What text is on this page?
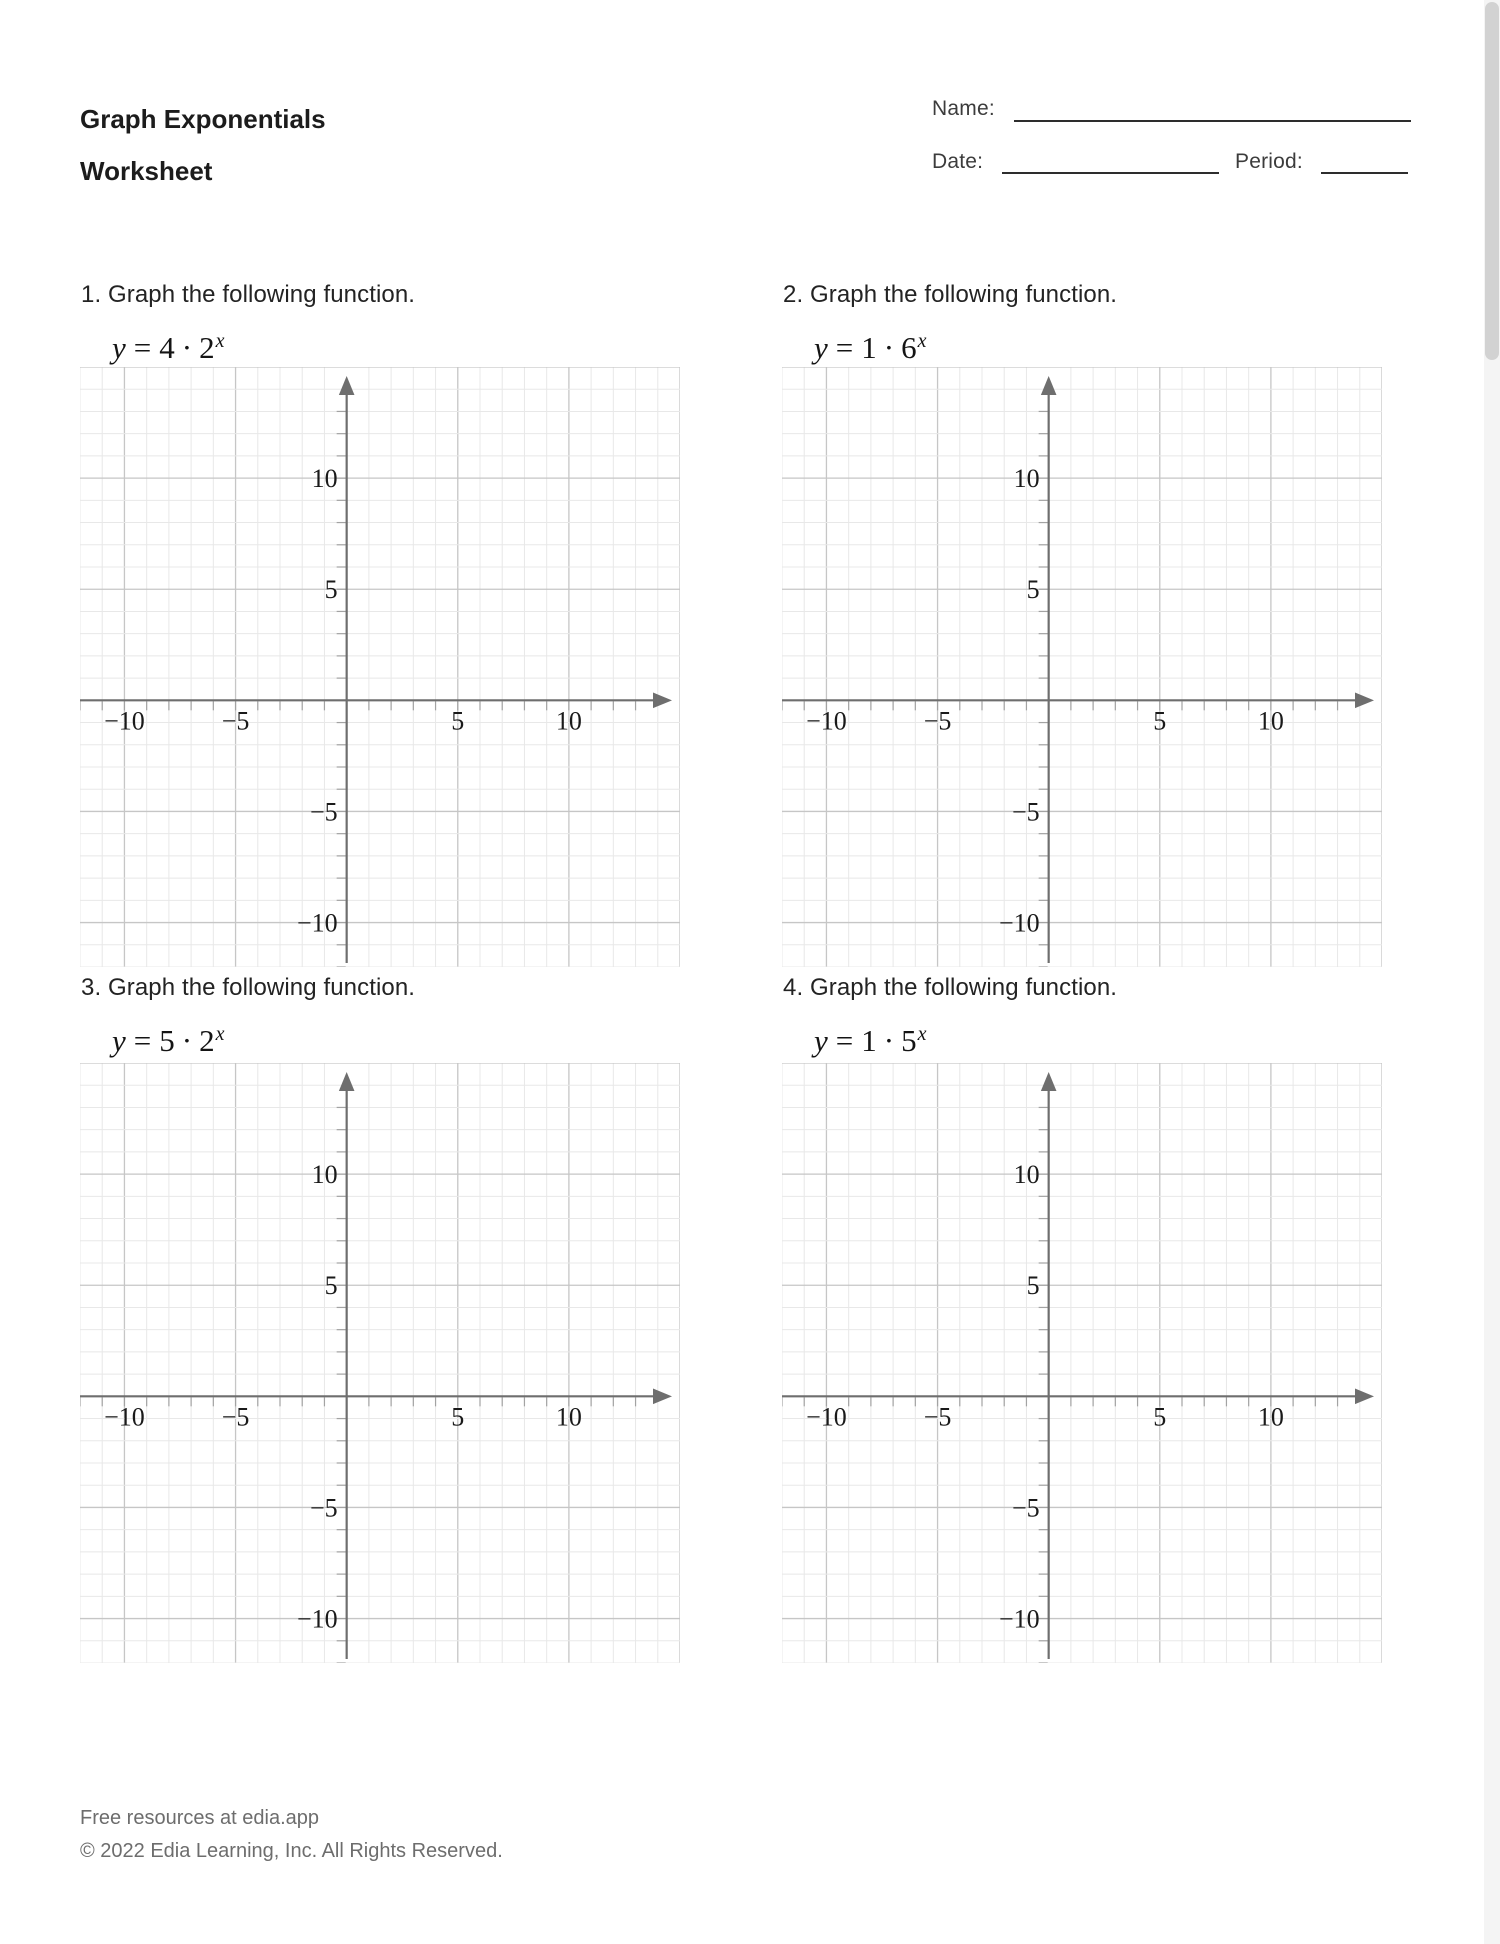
Graph Exponentials
Worksheet
Name:
Date:	Period:
1. Graph the following function.
$y = 4 \cdot 2^x$
−10	−5	5	10
10
5
−5
−10
2. Graph the following function.
$y = 1 \cdot 6^x$
−10	−5	5	10
10
5
−5
−10
3. Graph the following function.
$y = 5 \cdot 2^x$
−10	−5	5	10
10
5
−5
−10
4. Graph the following function.
$y = 1 \cdot 5^x$
−10	−5	5	10
10
5
−5
−10
Free resources at edia.app
© 2022 Edia Learning, Inc. All Rights Reserved.
